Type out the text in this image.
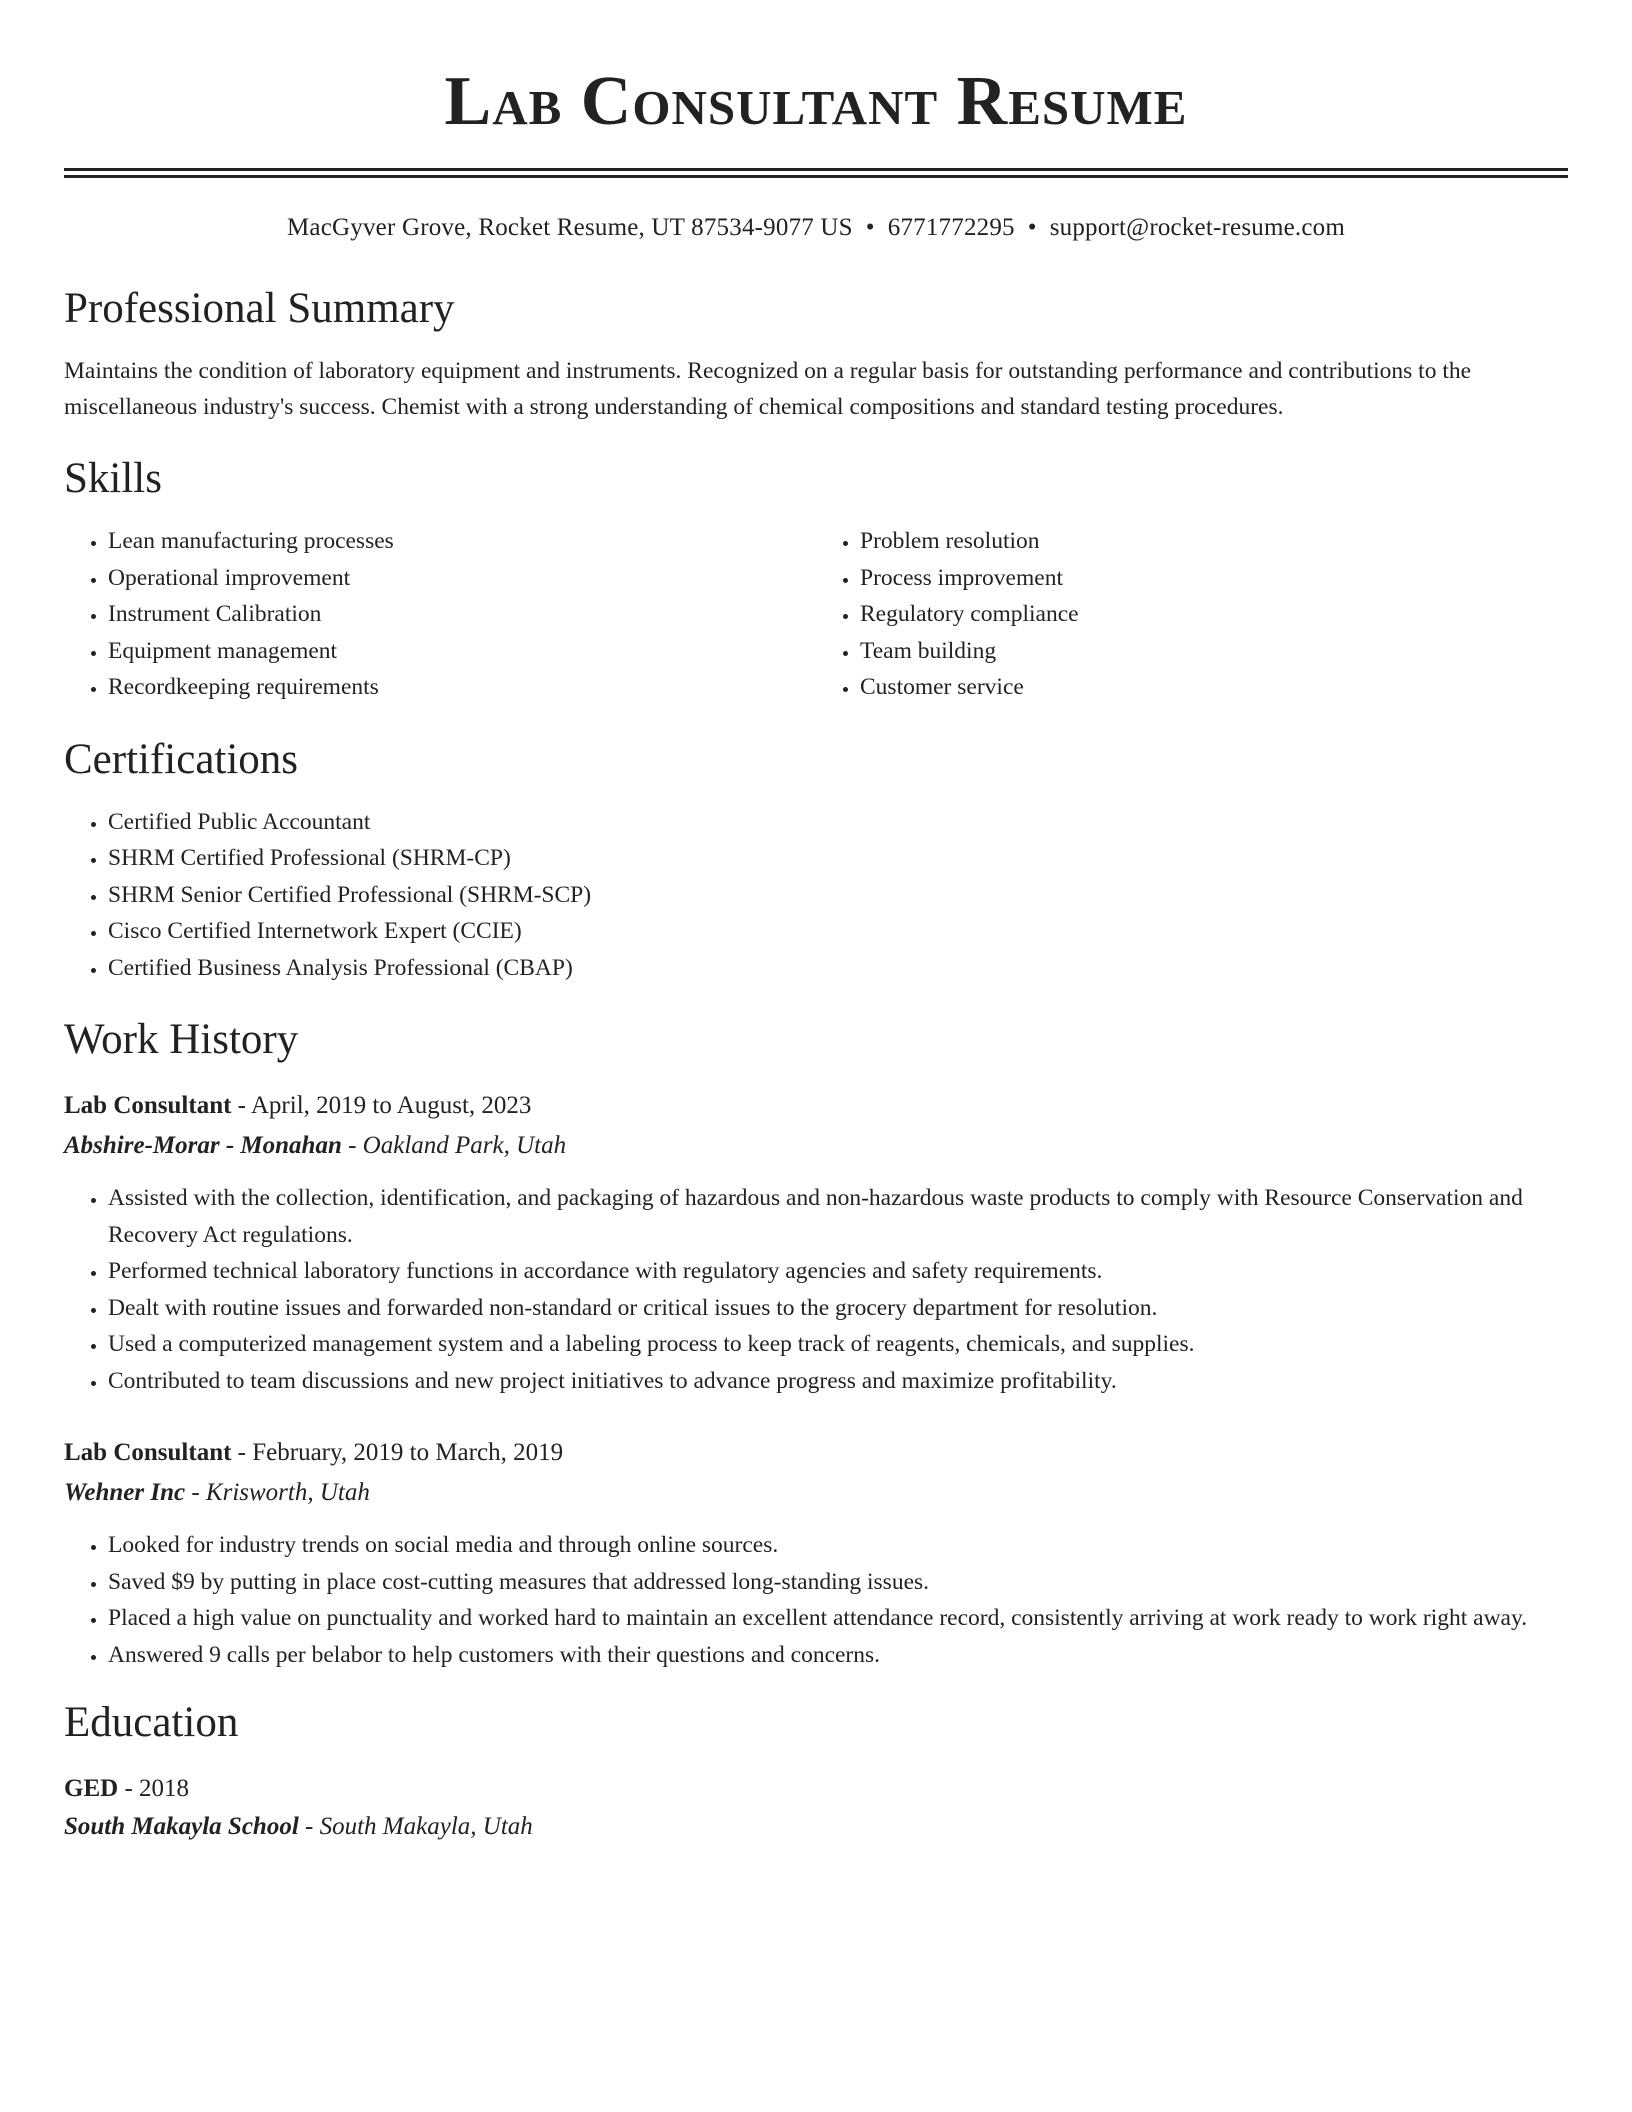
Lab Consultant Resume
MacGyver Grove, Rocket Resume, UT 87534-9077 US • 6771772295 • support@rocket-resume.com
Professional Summary

Maintains the condition of laboratory equipment and instruments. Recognized on a regular basis for outstanding performance and contributions to the miscellaneous industry's success. Chemist with a strong understanding of chemical compositions and standard testing procedures.

Skills
• Lean manufacturing processes
• Operational improvement
• Instrument Calibration
• Equipment management
• Recordkeeping requirements
• Problem resolution
• Process improvement
• Regulatory compliance
• Team building
• Customer service
Certifications
• Certified Public Accountant
• SHRM Certified Professional (SHRM-CP)
• SHRM Senior Certified Professional (SHRM-SCP)
• Cisco Certified Internetwork Expert (CCIE)
• Certified Business Analysis Professional (CBAP)
Work History
Lab Consultant - April, 2019 to August, 2023
Abshire-Morar - Monahan - Oakland Park, Utah
• Assisted with the collection, identification, and packaging of hazardous and non-hazardous waste products to comply with Resource Conservation and Recovery Act regulations.
• Performed technical laboratory functions in accordance with regulatory agencies and safety requirements.
• Dealt with routine issues and forwarded non-standard or critical issues to the grocery department for resolution.
• Used a computerized management system and a labeling process to keep track of reagents, chemicals, and supplies.
• Contributed to team discussions and new project initiatives to advance progress and maximize profitability.
Lab Consultant - February, 2019 to March, 2019
Wehner Inc - Krisworth, Utah
• Looked for industry trends on social media and through online sources.
• Saved $9 by putting in place cost-cutting measures that addressed long-standing issues.
• Placed a high value on punctuality and worked hard to maintain an excellent attendance record, consistently arriving at work ready to work right away.
• Answered 9 calls per belabor to help customers with their questions and concerns.
Education
GED - 2018
South Makayla School - South Makayla, Utah
